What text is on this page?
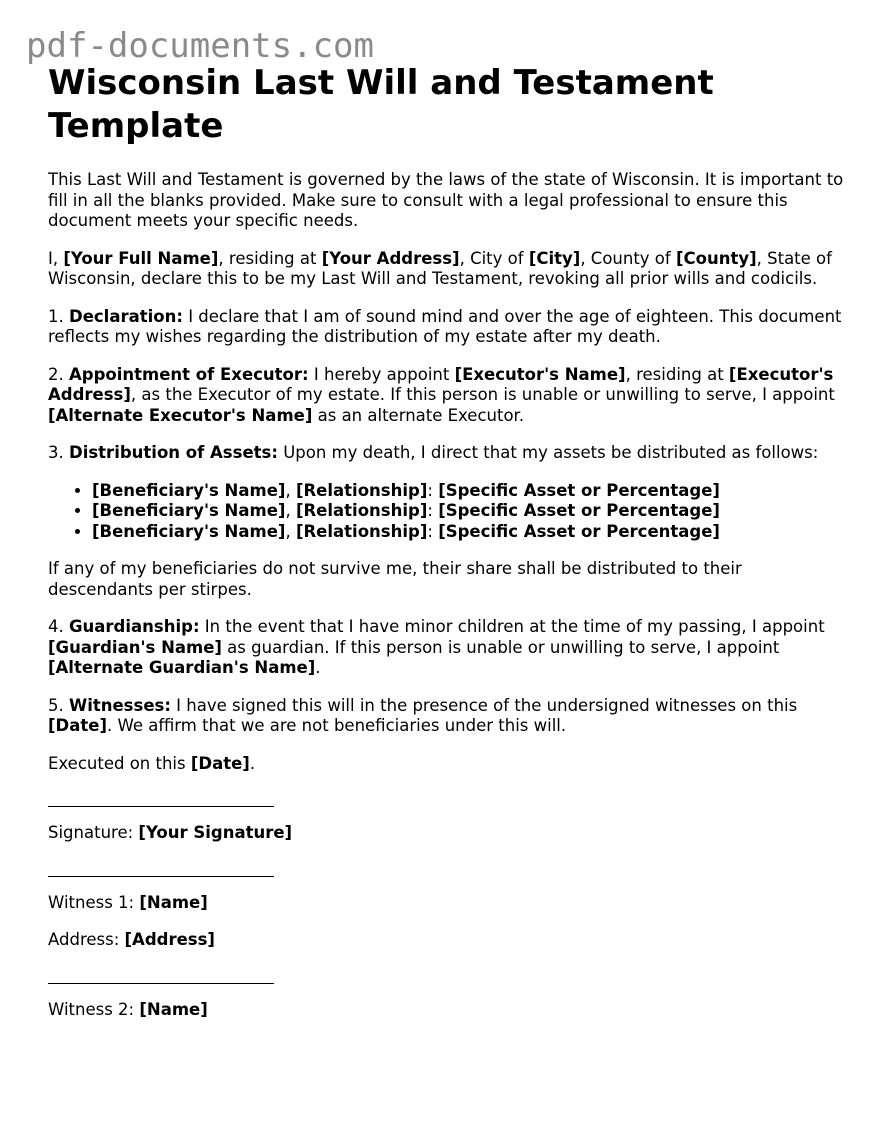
pdf-documents.com
Wisconsin Last Will and Testament Template

This Last Will and Testament is governed by the laws of the state of Wisconsin. It is important to fill in all the blanks provided. Make sure to consult with a legal professional to ensure this document meets your specific needs.

I, [Your Full Name], residing at [Your Address], City of [City], County of [County], State of Wisconsin, declare this to be my Last Will and Testament, revoking all prior wills and codicils.

1. Declaration: I declare that I am of sound mind and over the age of eighteen. This document reflects my wishes regarding the distribution of my estate after my death.

2. Appointment of Executor: I hereby appoint [Executor's Name], residing at [Executor's Address], as the Executor of my estate. If this person is unable or unwilling to serve, I appoint [Alternate Executor's Name] as an alternate Executor.

3. Distribution of Assets: Upon my death, I direct that my assets be distributed as follows:

• [Beneficiary's Name], [Relationship]: [Specific Asset or Percentage]
• [Beneficiary's Name], [Relationship]: [Specific Asset or Percentage]
• [Beneficiary's Name], [Relationship]: [Specific Asset or Percentage]

If any of my beneficiaries do not survive me, their share shall be distributed to their descendants per stirpes.

4. Guardianship: In the event that I have minor children at the time of my passing, I appoint [Guardian's Name] as guardian. If this person is unable or unwilling to serve, I appoint [Alternate Guardian's Name].

5. Witnesses: I have signed this will in the presence of the undersigned witnesses on this [Date]. We affirm that we are not beneficiaries under this will.

Executed on this [Date].

Signature: [Your Signature]

Witness 1: [Name]

Address: [Address]

Witness 2: [Name]
